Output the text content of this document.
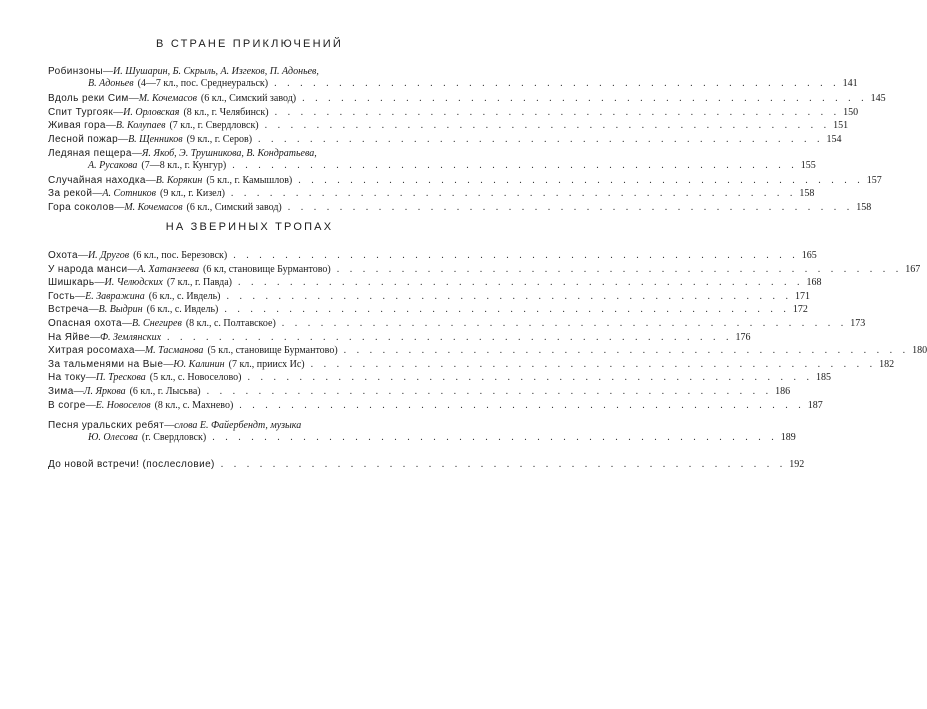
В СТРАНЕ ПРИКЛЮЧЕНИЙ
Робинзоны — И. Шушарин, Б. Скрыль, А. Изгеков, П. Адоньев,
В. Адоньев (4—7 кл., пос. Среднеуральск) . . .	141
Вдоль реки Сим — М. Кочемасов (6 кл., Симский завод) . . .	145
Спит Тургояк — И. Орловская (8 кл., г. Челябинск) . . .	150
Живая гора — В. Колупаев (7 кл., г. Свердловск) . . .	151
Лесной пожар — В. Щенников (9 кл., г. Серов) . . .	154
Ледяная пещера — Я. Якоб, Э. Трушникова, В. Кондратьева,
А. Русакова (7—8 кл., г. Кунгур) . . .	155
Случайная находка — В. Корякин (5 кл., г. Камышлов) . . .	157
За рекой — А. Сотников (9 кл., г. Кизел) . . .	158
Гора соколов — М. Кочемасов (6 кл., Симский завод) . . .	158
НА ЗВЕРИНЫХ ТРОПАХ
Охота — И. Другов (6 кл., пос. Березовск) . . .	165
У народа манси — А. Хатанзеева (6 кл, становище Бурмантово) . . .	167
Шишкарь — И. Челюдских (7 кл., г. Павда) . . .	168
Гость — Е. Завражина (6 кл., с. Ивдель) . . .	171
Встреча — В. Выдрин (6 кл., с. Ивдель) . . .	172
Опасная охота — В. Снегирев (8 кл., с. Полтавское) . . .	173
На Яйве — Ф. Землянских . . .	176
Хитрая росомаха — М. Тасманова (5 кл., становище Бурмантово) . . .	180
За тальменями на Вые — Ю. Калинин (7 кл., приисх Ис) . . .	182
На току — П. Трескова (5 кл., с. Новоселово) . . .	185
Зима — Л. Яркова (6 кл., г. Лысьва) . . .	186
В согре — Е. Новоселов (8 кл., с. Махнево) . . .	187
Песня уральских ребят — слова Е. Файербендт, музыка
Ю. Олесова (г. Свердловск) . . .	189
До новой встречи! (послесловие) . . .	192
